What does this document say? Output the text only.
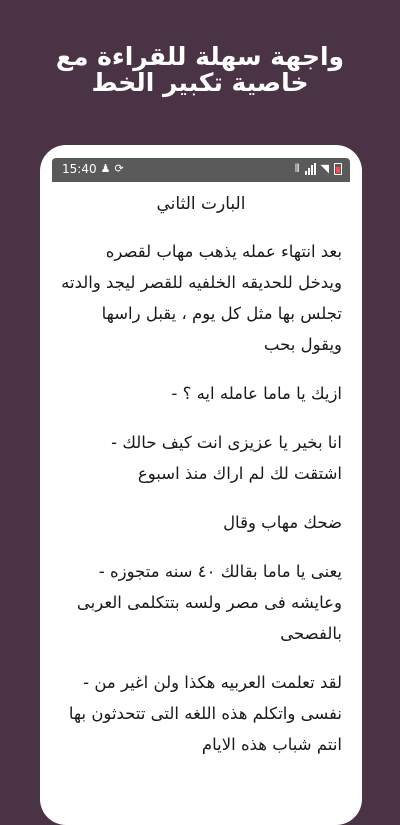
واجهة سهلة للقراءة مع
خاصية تكبير الخط
15:40 ♟ ⟳	⦀ ◥
البارت الثاني

بعد انتهاء عمله يذهب مهاب لقصره ويدخل للحديقه الخلفيه للقصر ليجد والدته تجلس بها مثل كل يوم ، يقبل راسها ويقول بحب

ازيك يا ماما عامله ايه ؟ -

انا بخير يا عزيزى انت كيف حالك - اشتقت لك لم اراك منذ اسبوع

ضحك مهاب وقال

يعنى يا ماما بقالك ٤٠ سنه متجوزه - وعايشه فى مصر ولسه بتتكلمى العربى بالفصحى

لقد تعلمت العربيه هكذا ولن اغير من - نفسى واتكلم هذه اللغه التى تتحدثون بها انتم شباب هذه الايام
